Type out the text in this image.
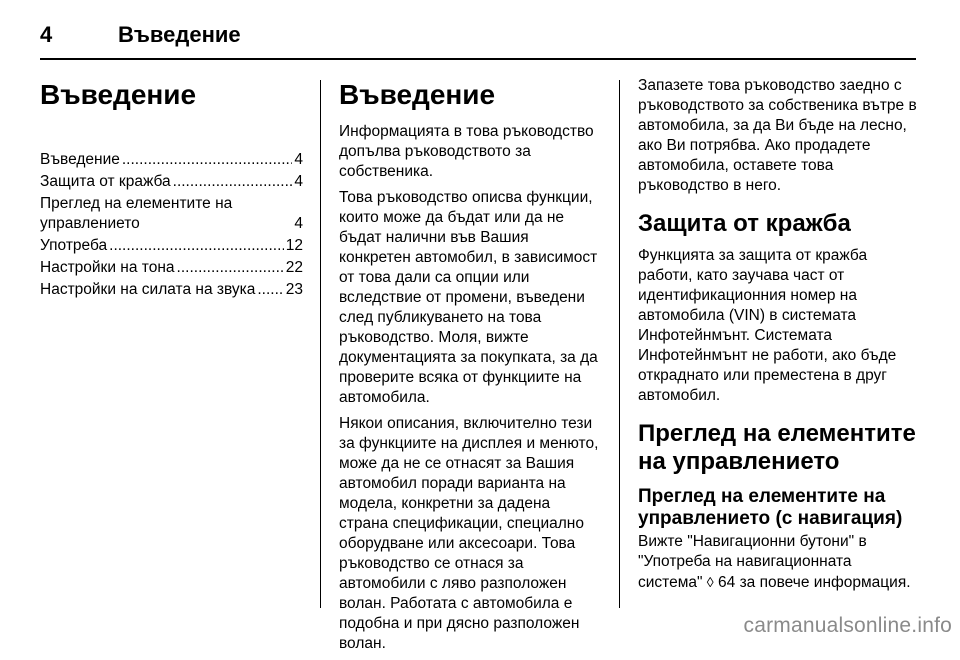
4	Въведение
Въведение
Въведение .....	4
Защита от кражба .....	4
Преглед на елементите на управлението	4
Употреба .....	12
Настройки на тона .....	22
Настройки на силата на звука ..... 23
Въведение

Информацията в това ръководство допълва ръководството за собственика.

Това ръководство описва функции, които може да бъдат или да не бъдат налични във Вашия конкретен автомобил, в зависимост от това дали са опции или вследствие от промени, въведени след публикуването на това ръководство. Моля, вижте документацията за покупката, за да проверите всяка от функциите на автомобила.

Някои описания, включително тези за функциите на дисплея и менюто, може да не се отнасят за Вашия автомобил поради варианта на модела, конкретни за дадена страна спецификации, специално оборудване или аксесоари. Това ръководство се отнася за автомобили с ляво разположен волан. Работата с автомобила е подобна и при дясно разположен волан.

Запазете това ръководство заедно с ръководството за собственика вътре в автомобила, за да Ви бъде на лесно, ако Ви потрябва. Ако продадете автомобила, оставете това ръководство в него.

Защита от кражба

Функцията за защита от кражба работи, като заучава част от идентификационния номер на автомобила (VIN) в системата Инфотейнмънт. Системата Инфотейнмънт не работи, ако бъде откраднато или преместена в друг автомобил.

Преглед на елементите на управлението
Преглед на елементите на управлението (с навигация)

Вижте "Навигационни бутони" в "Употреба на навигационната система" ◊ 64 за повече информация.

carmanualsonline.info
